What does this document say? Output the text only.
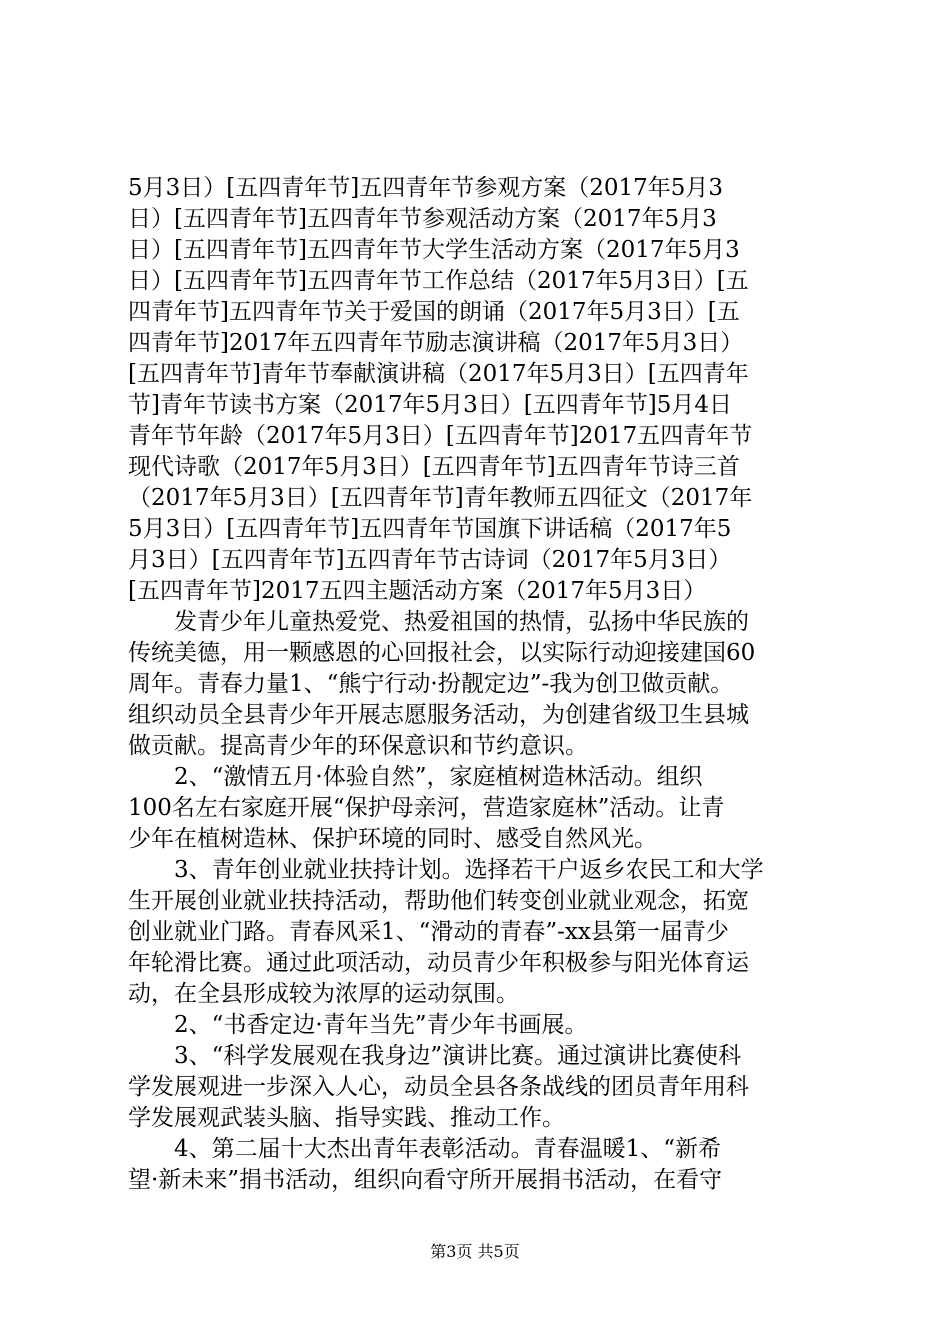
5月3日）[五四青年节]五四青年节参观方案（2017年5月3
日）[五四青年节]五四青年节参观活动方案（2017年5月3
日）[五四青年节]五四青年节大学生活动方案（2017年5月3
日）[五四青年节]五四青年节工作总结（2017年5月3日）[五
四青年节]五四青年节关于爱国的朗诵（2017年5月3日）[五
四青年节]2017年五四青年节励志演讲稿（2017年5月3日）
[五四青年节]青年节奉献演讲稿（2017年5月3日）[五四青年
节]青年节读书方案（2017年5月3日）[五四青年节]5月4日
青年节年龄（2017年5月3日）[五四青年节]2017五四青年节
现代诗歌（2017年5月3日）[五四青年节]五四青年节诗三首
（2017年5月3日）[五四青年节]青年教师五四征文（2017年
5月3日）[五四青年节]五四青年节国旗下讲话稿（2017年5
月3日）[五四青年节]五四青年节古诗词（2017年5月3日）
[五四青年节]2017五四主题活动方案（2017年5月3日）
　　发青少年儿童热爱党、热爱祖国的热情，弘扬中华民族的
传统美德，用一颗感恩的心回报社会，以实际行动迎接建国60
周年。青春力量1、“熊宁行动·扮靓定边”-我为创卫做贡献。
组织动员全县青少年开展志愿服务活动，为创建省级卫生县城
做贡献。提高青少年的环保意识和节约意识。
　　2、“激情五月·体验自然”，家庭植树造林活动。组织
100名左右家庭开展“保护母亲河，营造家庭林”活动。让青
少年在植树造林、保护环境的同时、感受自然风光。
　　3、青年创业就业扶持计划。选择若干户返乡农民工和大学
生开展创业就业扶持活动，帮助他们转变创业就业观念，拓宽
创业就业门路。青春风采1、“滑动的青春”-xx县第一届青少
年轮滑比赛。通过此项活动，动员青少年积极参与阳光体育运
动，在全县形成较为浓厚的运动氛围。
　　2、“书香定边·青年当先”青少年书画展。
　　3、“科学发展观在我身边”演讲比赛。通过演讲比赛使科
学发展观进一步深入人心，动员全县各条战线的团员青年用科
学发展观武装头脑、指导实践、推动工作。
　　4、第二届十大杰出青年表彰活动。青春温暖1、“新希
望·新未来”捐书活动，组织向看守所开展捐书活动，在看守
第3页 共5页
